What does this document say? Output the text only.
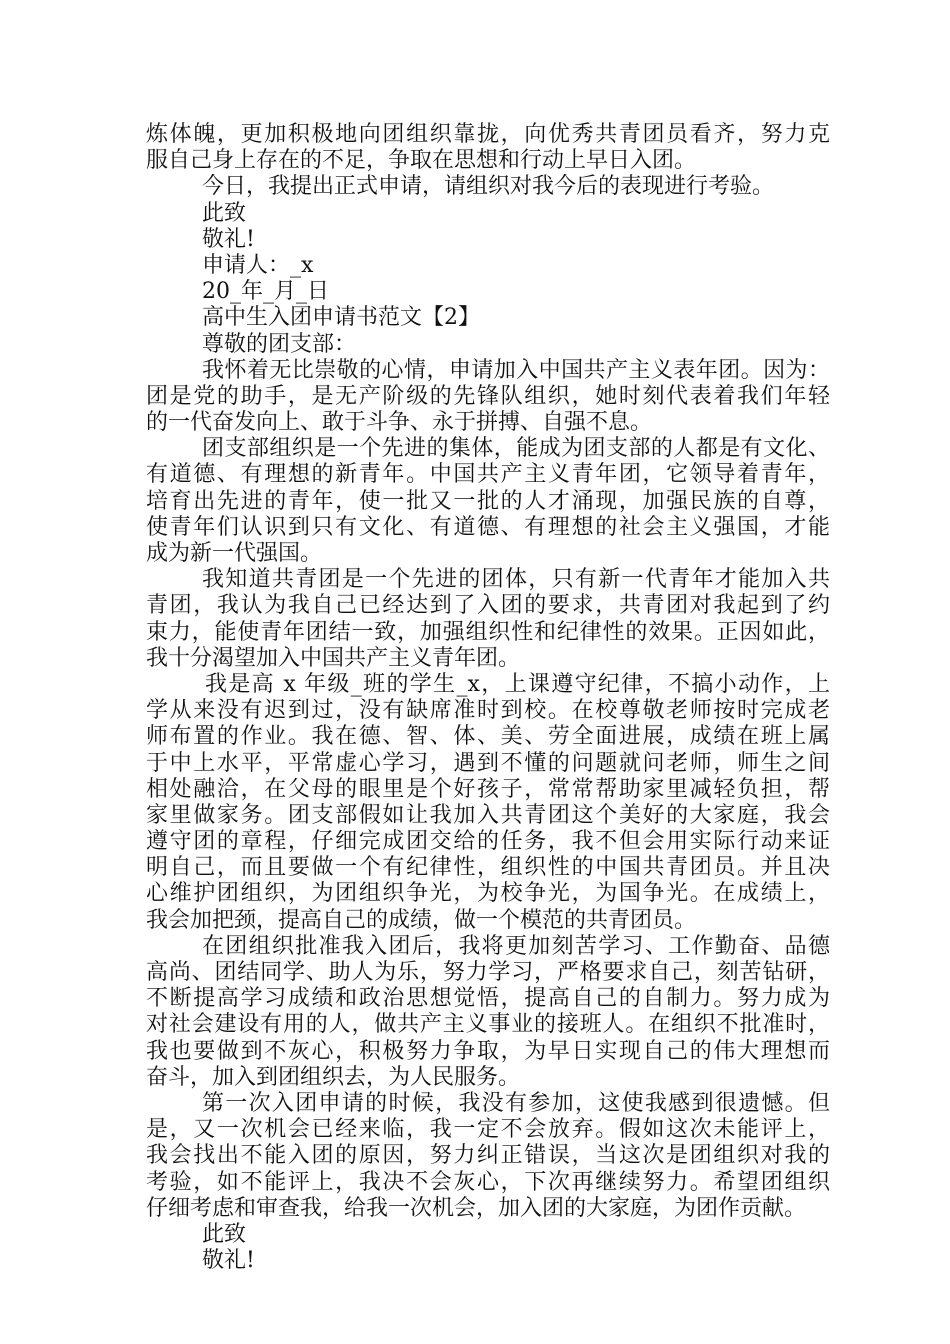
炼体魄，更加积极地向团组织靠拢，向优秀共青团员看齐，努力克
服自己身上存在的不足，争取在思想和行动上早日入团。
今日，我提出正式申请，请组织对我今后的表现进行考验。
此致
敬礼!
申请人：_x
20_年_月_日
高中生入团申请书范文【2】
尊敬的团支部：
我怀着无比崇敬的心情，申请加入中国共产主义表年团。因为：
团是党的助手，是无产阶级的先锋队组织，她时刻代表着我们年轻
的一代奋发向上、敢于斗争、永于拼搏、自强不息。
团支部组织是一个先进的集体，能成为团支部的人都是有文化、
有道德、有理想的新青年。中国共产主义青年团，它领导着青年，
培育出先进的青年，使一批又一批的人才涌现，加强民族的自尊，
使青年们认识到只有文化、有道德、有理想的社会主义强国，才能
成为新一代强国。
我知道共青团是一个先进的团体，只有新一代青年才能加入共
青团，我认为我自己已经达到了入团的要求，共青团对我起到了约
束力，能使青年团结一致，加强组织性和纪律性的效果。正因如此，
我十分渴望加入中国共产主义青年团。
我是高 x 年级_班的学生_x，上课遵守纪律，不搞小动作，上
学从来没有迟到过，没有缺席准时到校。在校尊敬老师按时完成老
师布置的作业。我在德、智、体、美、劳全面进展，成绩在班上属
于中上水平，平常虚心学习，遇到不懂的问题就问老师，师生之间
相处融洽，在父母的眼里是个好孩子，常常帮助家里减轻负担，帮
家里做家务。团支部假如让我加入共青团这个美好的大家庭，我会
遵守团的章程，仔细完成团交给的任务，我不但会用实际行动来证
明自己，而且要做一个有纪律性，组织性的中国共青团员。并且决
心维护团组织，为团组织争光，为校争光，为国争光。在成绩上，
我会加把颈，提高自己的成绩，做一个模范的共青团员。
在团组织批准我入团后，我将更加刻苦学习、工作勤奋、品德
高尚、团结同学、助人为乐，努力学习，严格要求自己，刻苦钻研，
不断提高学习成绩和政治思想觉悟，提高自己的自制力。努力成为
对社会建设有用的人，做共产主义事业的接班人。在组织不批准时，
我也要做到不灰心，积极努力争取，为早日实现自己的伟大理想而
奋斗，加入到团组织去，为人民服务。
第一次入团申请的时候，我没有参加，这使我感到很遗憾。但
是，又一次机会已经来临，我一定不会放弃。假如这次未能评上，
我会找出不能入团的原因，努力纠正错误，当这次是团组织对我的
考验，如不能评上，我决不会灰心，下次再继续努力。希望团组织
仔细考虑和审查我，给我一次机会，加入团的大家庭，为团作贡献。
此致
敬礼!
